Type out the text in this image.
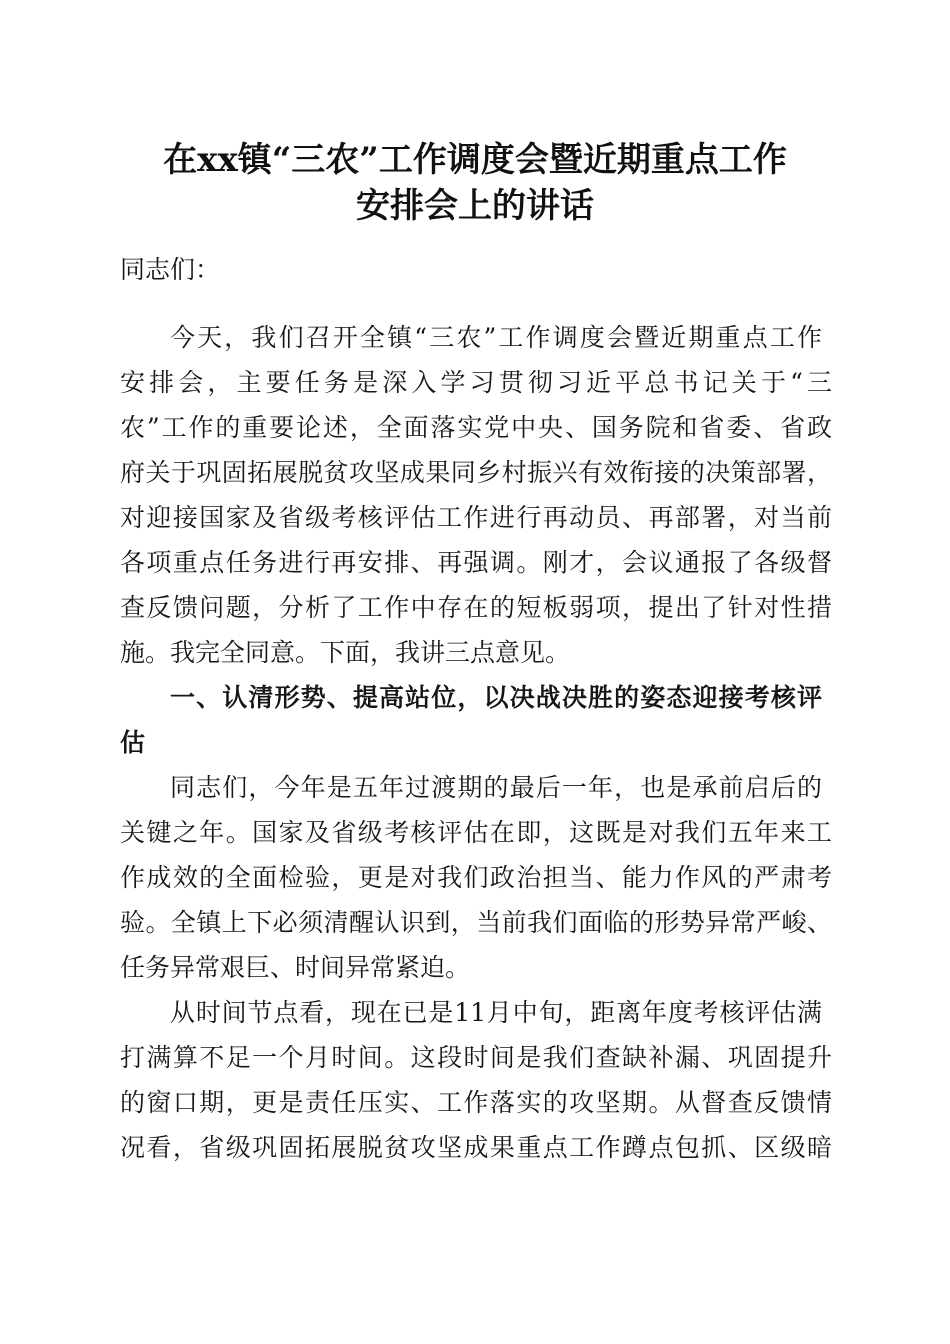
在xx镇“三农”工作调度会暨近期重点工作
安排会上的讲话

同志们：

今天，我们召开全镇“三农”工作调度会暨近期重点工作

安排会，主要任务是深入学习贯彻习近平总书记关于“三

农”工作的重要论述，全面落实党中央、国务院和省委、省政

府关于巩固拓展脱贫攻坚成果同乡村振兴有效衔接的决策部署，

对迎接国家及省级考核评估工作进行再动员、再部署，对当前

各项重点任务进行再安排、再强调。刚才，会议通报了各级督

查反馈问题，分析了工作中存在的短板弱项，提出了针对性措

施。我完全同意。下面，我讲三点意见。

一、认清形势、提高站位，以决战决胜的姿态迎接考核评

估

同志们，今年是五年过渡期的最后一年，也是承前启后的

关键之年。国家及省级考核评估在即，这既是对我们五年来工

作成效的全面检验，更是对我们政治担当、能力作风的严肃考

验。全镇上下必须清醒认识到，当前我们面临的形势异常严峻、

任务异常艰巨、时间异常紧迫。

从时间节点看，现在已是11月中旬，距离年度考核评估满

打满算不足一个月时间。这段时间是我们查缺补漏、巩固提升

的窗口期，更是责任压实、工作落实的攻坚期。从督查反馈情

况看，省级巩固拓展脱贫攻坚成果重点工作蹲点包抓、区级暗
